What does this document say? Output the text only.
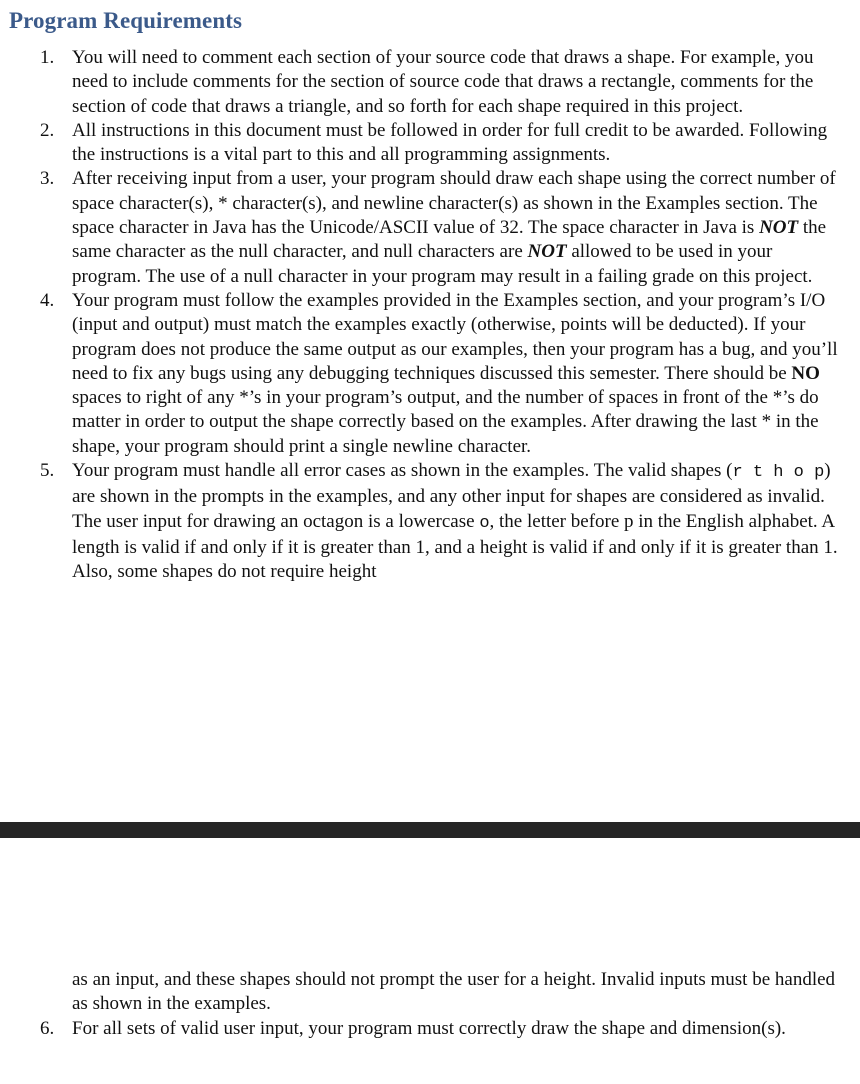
Program Requirements
1. You will need to comment each section of your source code that draws a shape. For example, you need to include comments for the section of source code that draws a rectangle, comments for the section of code that draws a triangle, and so forth for each shape required in this project.
2. All instructions in this document must be followed in order for full credit to be awarded. Following the instructions is a vital part to this and all programming assignments.
3. After receiving input from a user, your program should draw each shape using the correct number of space character(s), * character(s), and newline character(s) as shown in the Examples section. The space character in Java has the Unicode/ASCII value of 32. The space character in Java is NOT the same character as the null character, and null characters are NOT allowed to be used in your program. The use of a null character in your program may result in a failing grade on this project.
4. Your program must follow the examples provided in the Examples section, and your program’s I/O (input and output) must match the examples exactly (otherwise, points will be deducted). If your program does not produce the same output as our examples, then your program has a bug, and you’ll need to fix any bugs using any debugging techniques discussed this semester. There should be NO spaces to right of any *’s in your program’s output, and the number of spaces in front of the *’s do matter in order to output the shape correctly based on the examples. After drawing the last * in the shape, your program should print a single newline character.
5. Your program must handle all error cases as shown in the examples. The valid shapes (r t h o p) are shown in the prompts in the examples, and any other input for shapes are considered as invalid. The user input for drawing an octagon is a lowercase o, the letter before p in the English alphabet. A length is valid if and only if it is greater than 1, and a height is valid if and only if it is greater than 1. Also, some shapes do not require height
as an input, and these shapes should not prompt the user for a height. Invalid inputs must be handled as shown in the examples.
6. For all sets of valid user input, your program must correctly draw the shape and dimension(s).
